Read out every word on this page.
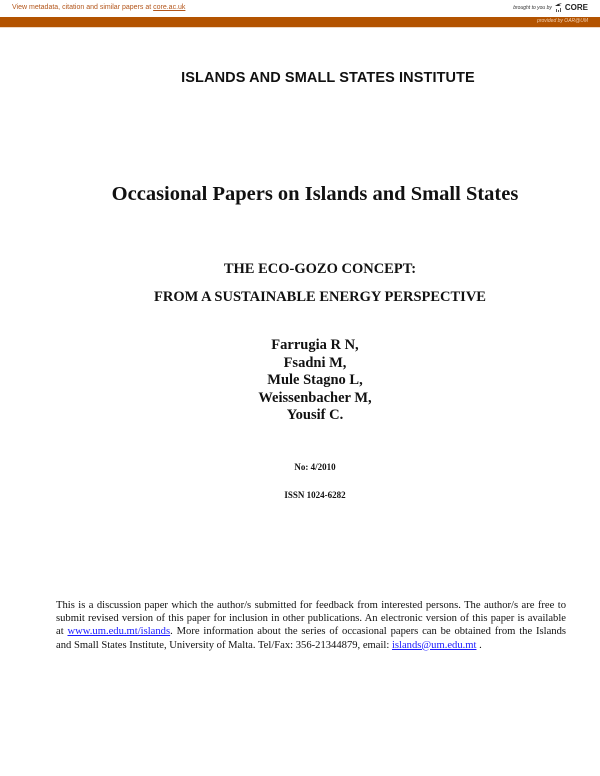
View metadata, citation and similar papers at core.ac.uk	brought to you by CORE
provided by OAR@UM
ISLANDS AND SMALL STATES INSTITUTE
Occasional Papers on Islands and Small States
THE ECO-GOZO CONCEPT:
FROM A SUSTAINABLE ENERGY PERSPECTIVE
Farrugia R N,
Fsadni M,
Mule Stagno L,
Weissenbacher M,
Yousif C.
No: 4/2010
ISSN 1024-6282
This is a discussion paper which the author/s submitted for feedback from interested persons. The author/s are free to submit revised version of this paper for inclusion in other publications. An electronic version of this paper is available at www.um.edu.mt/islands. More information about the series of occasional papers can be obtained from the Islands and Small States Institute, University of Malta. Tel/Fax: 356-21344879, email: islands@um.edu.mt .
